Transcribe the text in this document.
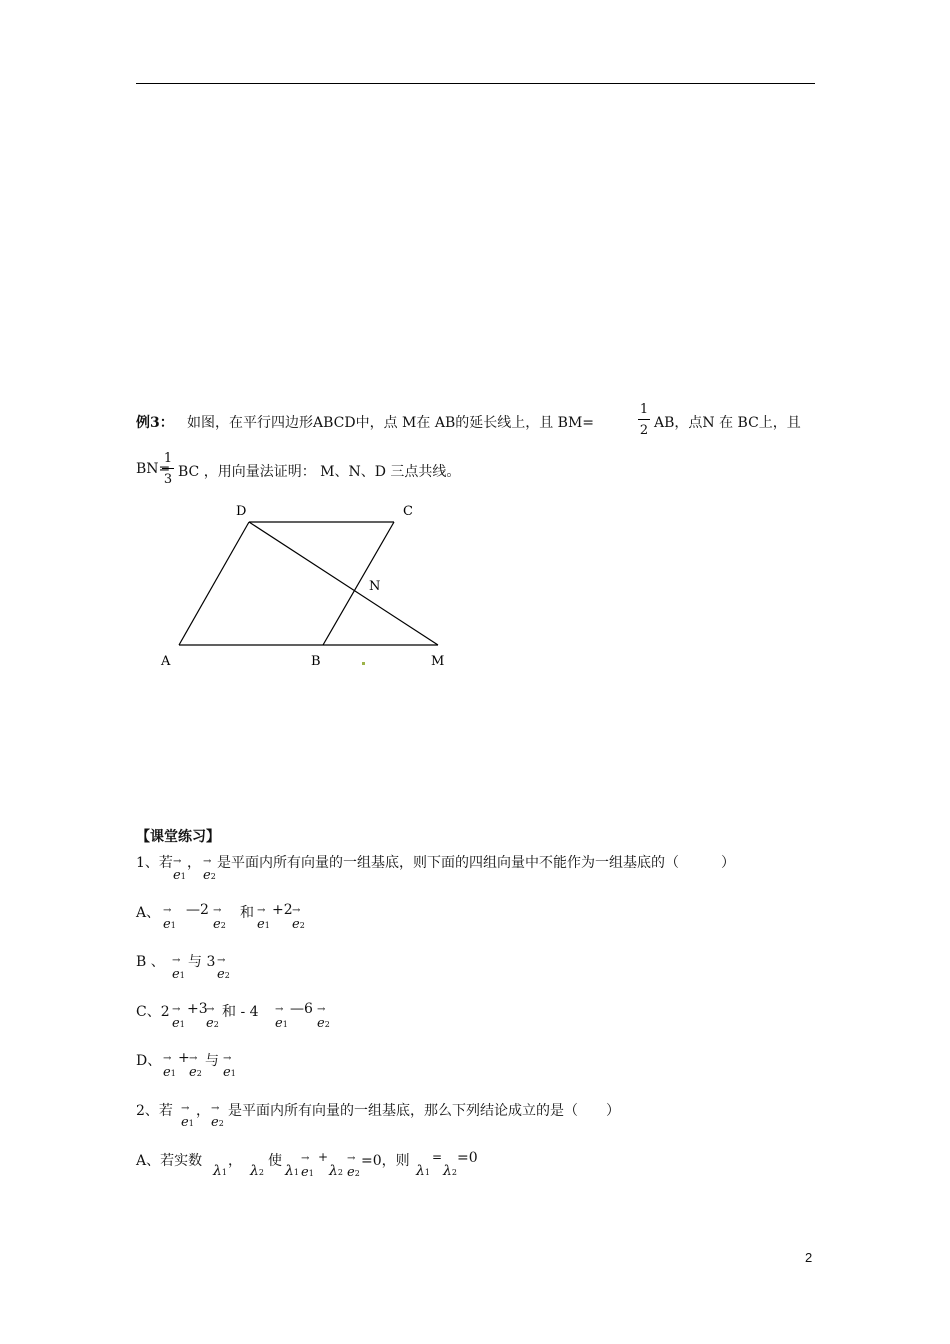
例3： 如图，在平行四边形ABCD中，点 M在 AB的延长线上，且 BM=
1
2 AB，点N 在 BC上，且
BN=
1
3 BC ，用向量法证明： M、N、D 三点共线。
D	C
N
A	B	M
【课堂练习】
1、若 →
e1
， →
e2
是平面内所有向量的一组基底，则下面的四组向量中不能作为一组基底的（　　　）
A、 →
e1
—2 →
e2
和 →
e1
+2 →
e2
B 、 →
e1
与 3 →
e2
C、2 →
e1
+3
→
e2
和 - 4 →
e1
—6 →
e2
D、 →
e1
+ →
e2
与 →
e1
2、若 →
e1
， →
e2
是平面内所有向量的一组基底，那么下列结论成立的是（　　）
A、若实数
λ1
，
λ2
使
λ1
→
e1
+
λ2
→
e2
=0，则
λ1
=
λ2
=0
2
